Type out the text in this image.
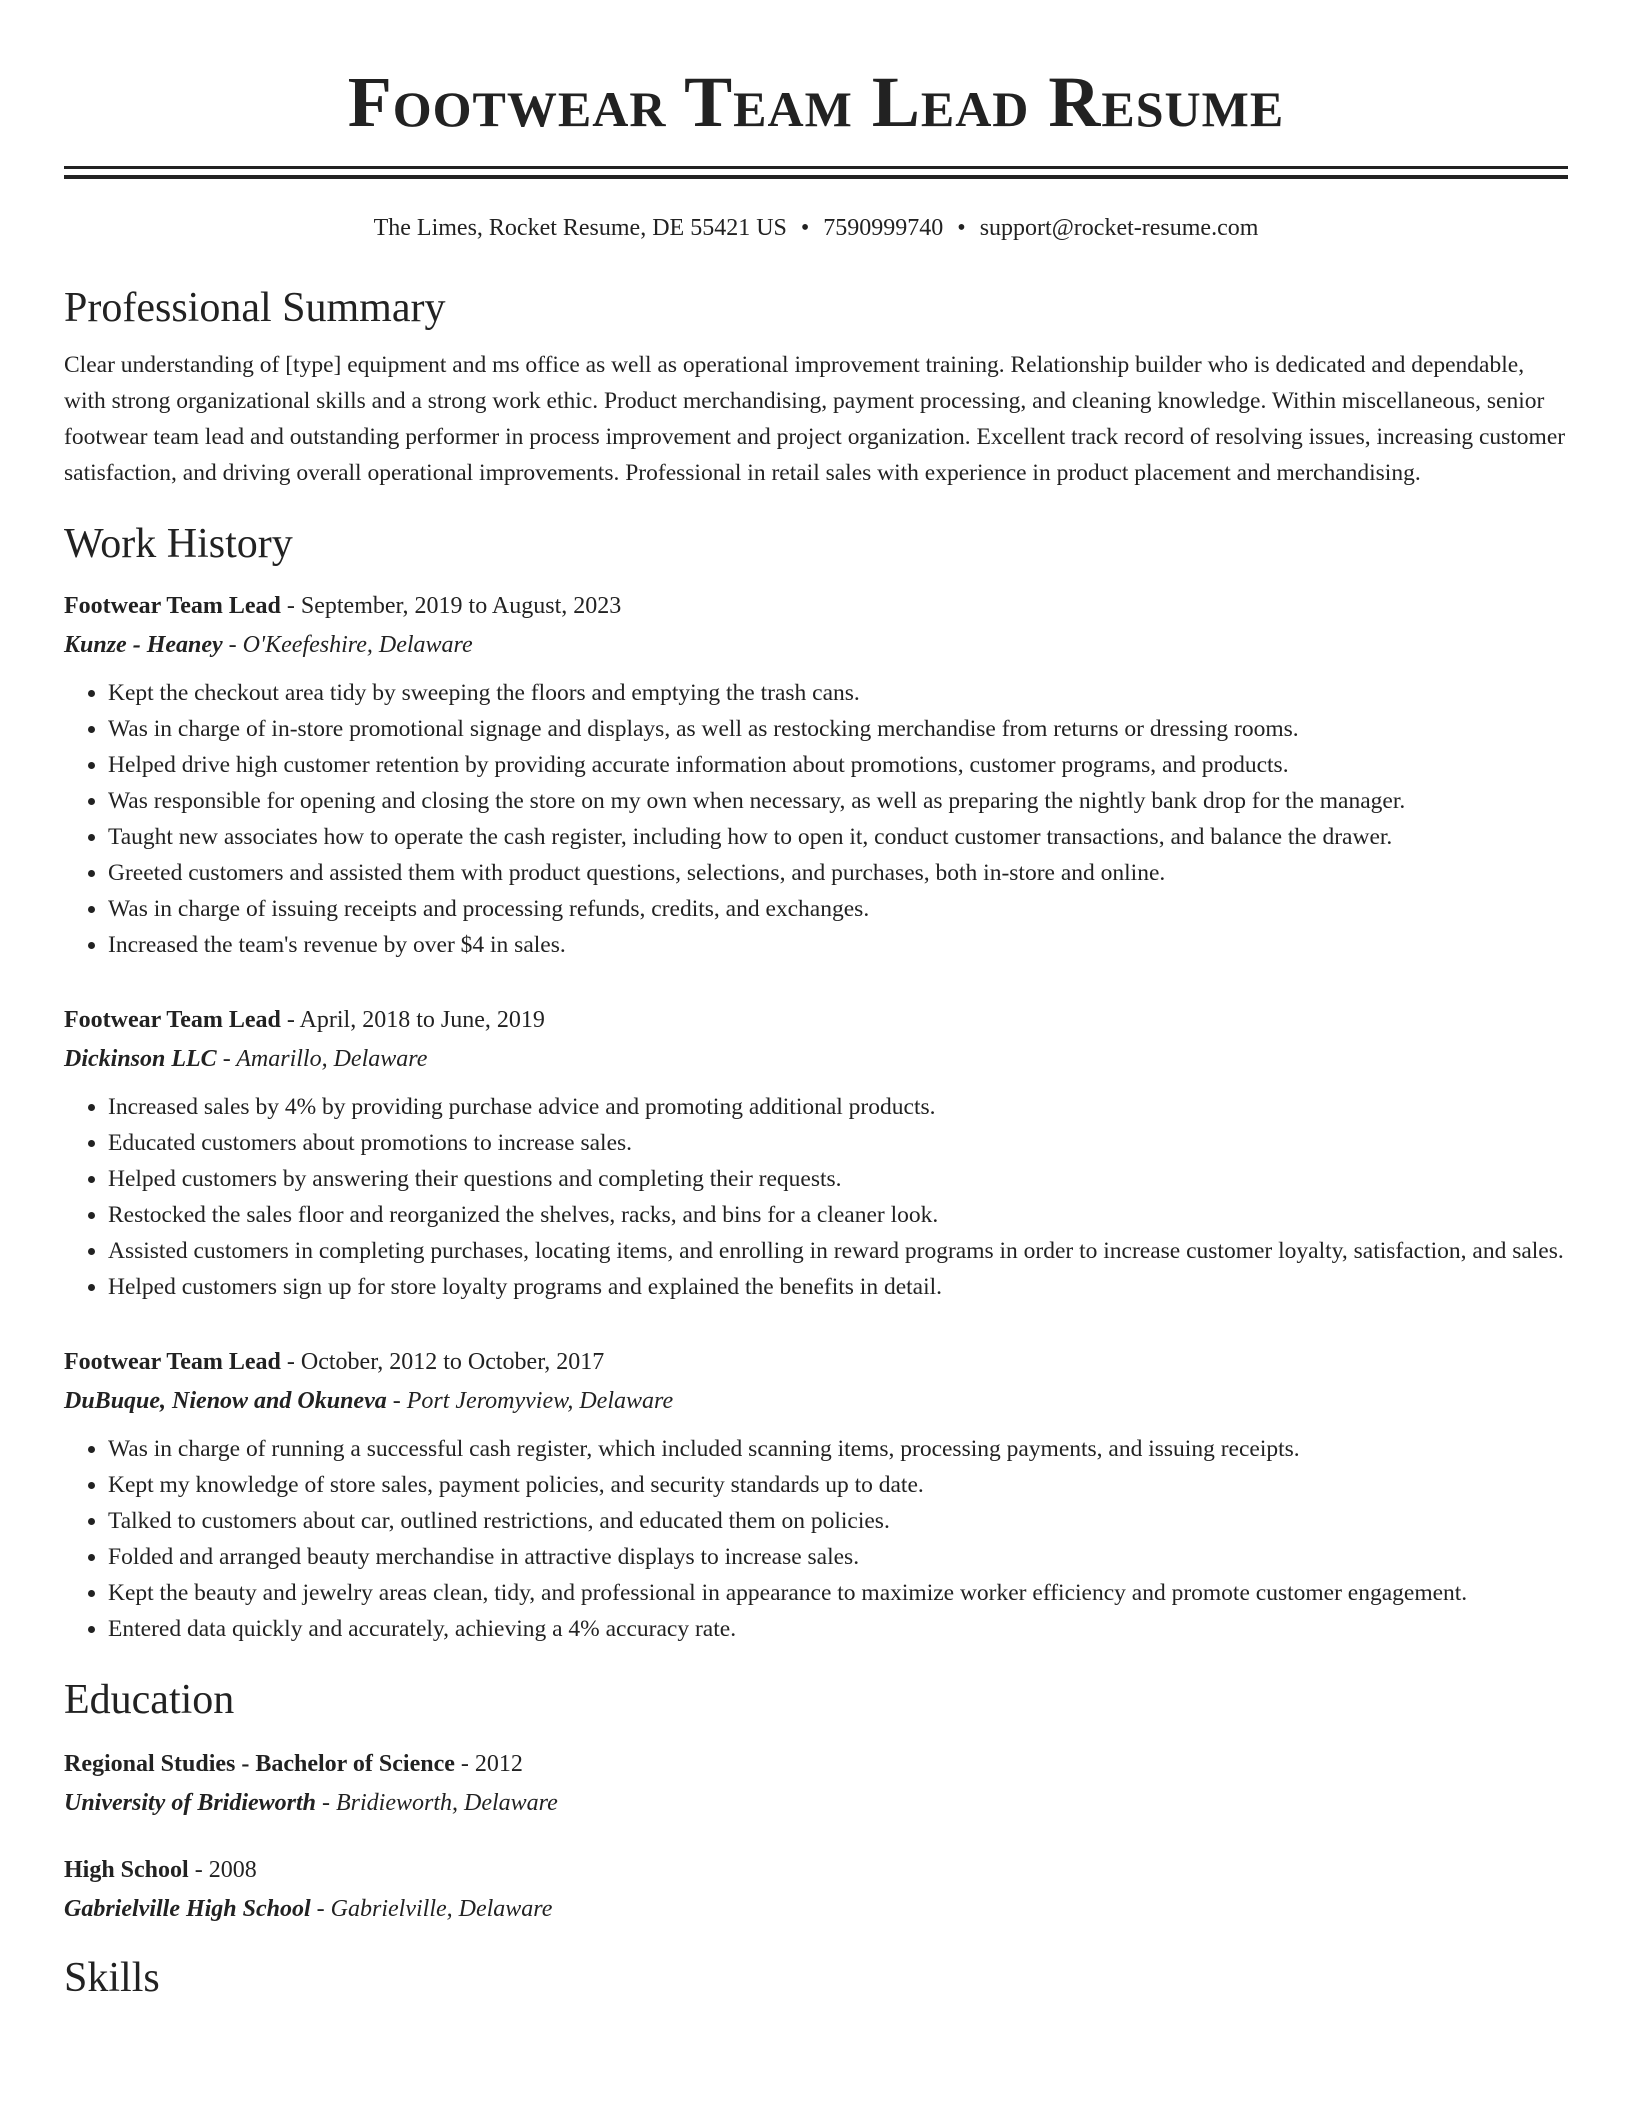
Footwear Team Lead Resume
The Limes, Rocket Resume, DE 55421 US • 7590999740 • support@rocket-resume.com
Professional Summary
Clear understanding of [type] equipment and ms office as well as operational improvement training. Relationship builder who is dedicated and dependable, with strong organizational skills and a strong work ethic. Product merchandising, payment processing, and cleaning knowledge. Within miscellaneous, senior footwear team lead and outstanding performer in process improvement and project organization. Excellent track record of resolving issues, increasing customer satisfaction, and driving overall operational improvements. Professional in retail sales with experience in product placement and merchandising.
Work History
Footwear Team Lead - September, 2019 to August, 2023
Kunze - Heaney - O'Keefeshire, Delaware
• Kept the checkout area tidy by sweeping the floors and emptying the trash cans.
• Was in charge of in-store promotional signage and displays, as well as restocking merchandise from returns or dressing rooms.
• Helped drive high customer retention by providing accurate information about promotions, customer programs, and products.
• Was responsible for opening and closing the store on my own when necessary, as well as preparing the nightly bank drop for the manager.
• Taught new associates how to operate the cash register, including how to open it, conduct customer transactions, and balance the drawer.
• Greeted customers and assisted them with product questions, selections, and purchases, both in-store and online.
• Was in charge of issuing receipts and processing refunds, credits, and exchanges.
• Increased the team's revenue by over $4 in sales.
Footwear Team Lead - April, 2018 to June, 2019
Dickinson LLC - Amarillo, Delaware
• Increased sales by 4% by providing purchase advice and promoting additional products.
• Educated customers about promotions to increase sales.
• Helped customers by answering their questions and completing their requests.
• Restocked the sales floor and reorganized the shelves, racks, and bins for a cleaner look.
• Assisted customers in completing purchases, locating items, and enrolling in reward programs in order to increase customer loyalty, satisfaction, and sales.
• Helped customers sign up for store loyalty programs and explained the benefits in detail.
Footwear Team Lead - October, 2012 to October, 2017
DuBuque, Nienow and Okuneva - Port Jeromyview, Delaware
• Was in charge of running a successful cash register, which included scanning items, processing payments, and issuing receipts.
• Kept my knowledge of store sales, payment policies, and security standards up to date.
• Talked to customers about car, outlined restrictions, and educated them on policies.
• Folded and arranged beauty merchandise in attractive displays to increase sales.
• Kept the beauty and jewelry areas clean, tidy, and professional in appearance to maximize worker efficiency and promote customer engagement.
• Entered data quickly and accurately, achieving a 4% accuracy rate.
Education
Regional Studies - Bachelor of Science - 2012
University of Bridieworth - Bridieworth, Delaware
High School - 2008
Gabrielville High School - Gabrielville, Delaware
Skills
